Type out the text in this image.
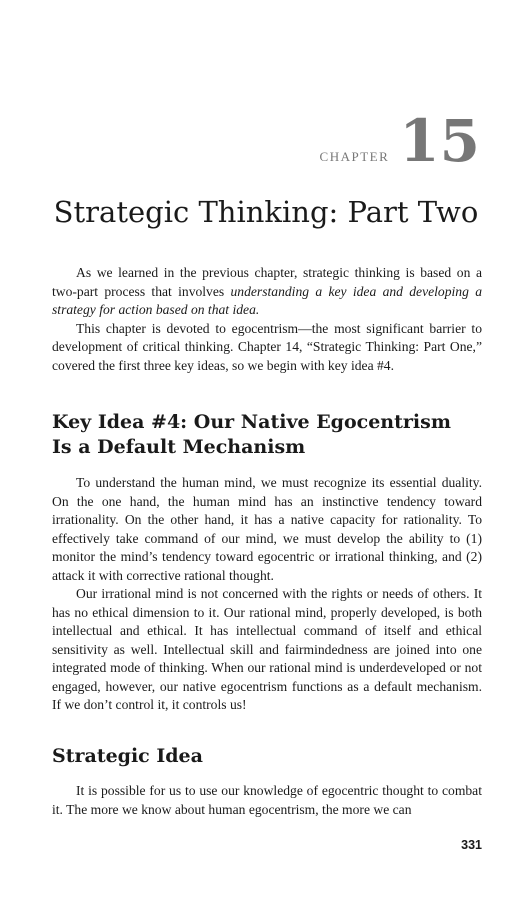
CHAPTER 15
Strategic Thinking: Part Two

As we learned in the previous chapter, strategic thinking is based on a two-part process that involves understanding a key idea and developing a strategy for action based on that idea.

This chapter is devoted to egocentrism—the most significant barrier to development of critical thinking. Chapter 14, “Strategic Thinking: Part One,” covered the first three key ideas, so we begin with key idea #4.

Key Idea #4: Our Native Egocentrism
Is a Default Mechanism

To understand the human mind, we must recognize its essential duality. On the one hand, the human mind has an instinctive tendency toward irrationality. On the other hand, it has a native capacity for rationality. To effectively take command of our mind, we must develop the ability to (1) monitor the mind’s tendency toward egocentric or irrational thinking, and (2) attack it with corrective rational thought.

Our irrational mind is not concerned with the rights or needs of others. It has no ethical dimension to it. Our rational mind, properly developed, is both intellectual and ethical. It has intellectual command of itself and ethical sensitivity as well. Intellectual skill and fairmindedness are joined into one integrated mode of thinking. When our rational mind is underdeveloped or not engaged, however, our native egocentrism functions as a default mechanism. If we don’t control it, it controls us!

Strategic Idea

It is possible for us to use our knowledge of egocentric thought to combat it. The more we know about human egocentrism, the more we can

331
